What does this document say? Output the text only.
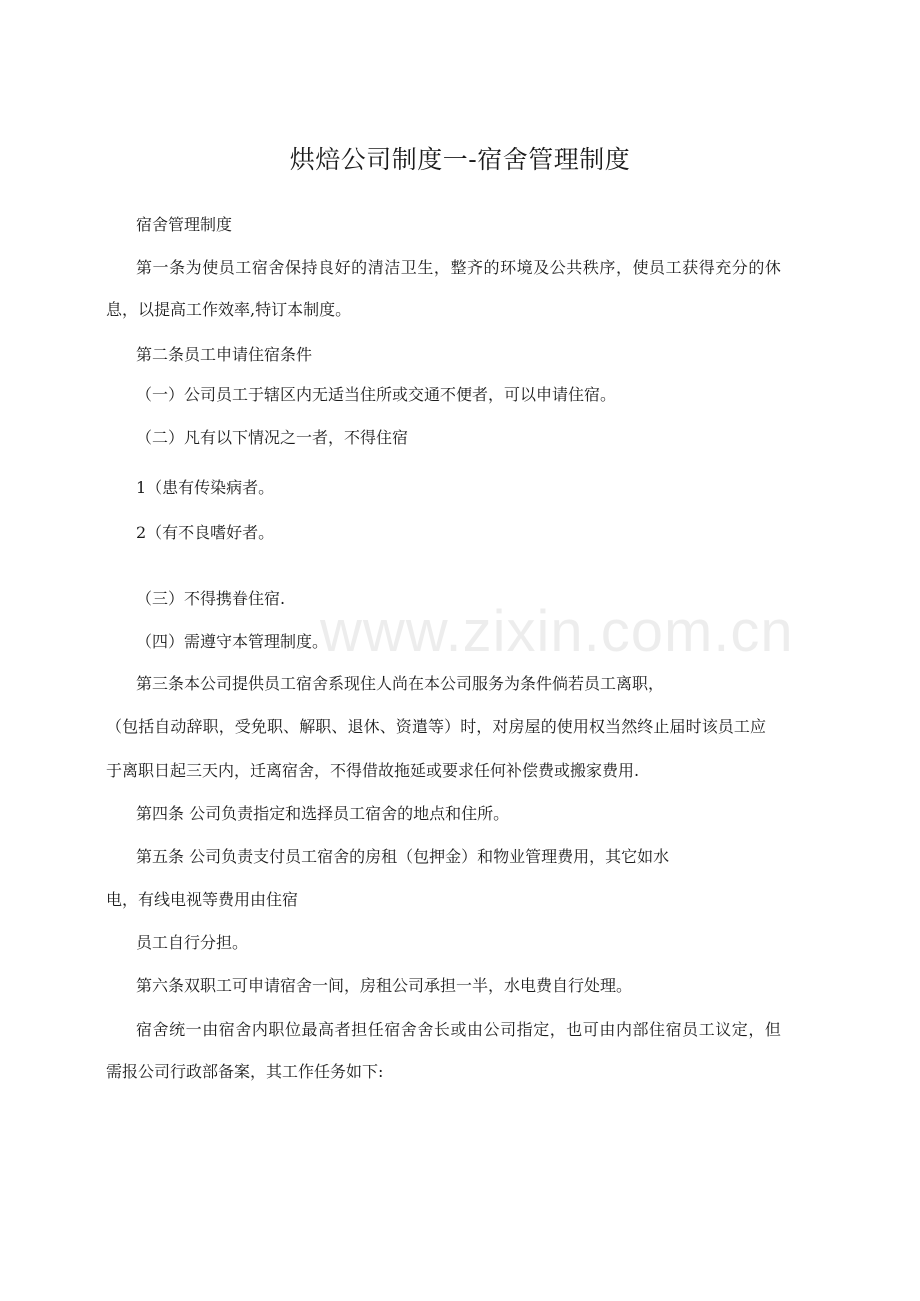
烘焙公司制度一-宿舍管理制度
宿舍管理制度
第一条为使员工宿舍保持良好的清洁卫生，整齐的环境及公共秩序，使员工获得充分的休
息，以提高工作效率,特订本制度。
第二条员工申请住宿条件
（一）公司员工于辖区内无适当住所或交通不便者，可以申请住宿。
（二）凡有以下情况之一者，不得住宿
1（患有传染病者。
2（有不良嗜好者。
（三）不得携眷住宿.
（四）需遵守本管理制度。
第三条本公司提供员工宿舍系现住人尚在本公司服务为条件倘若员工离职，
（包括自动辞职，受免职、解职、退休、资遣等）时，对房屋的使用权当然终止届时该员工应
于离职日起三天内，迁离宿舍，不得借故拖延或要求任何补偿费或搬家费用.
第四条 公司负责指定和选择员工宿舍的地点和住所。
第五条 公司负责支付员工宿舍的房租（包押金）和物业管理费用，其它如水
电，有线电视等费用由住宿
员工自行分担。
第六条双职工可申请宿舍一间，房租公司承担一半，水电费自行处理。
宿舍统一由宿舍内职位最高者担任宿舍舍长或由公司指定，也可由内部住宿员工议定，但
需报公司行政部备案，其工作任务如下:
www.zixin.com.cn
